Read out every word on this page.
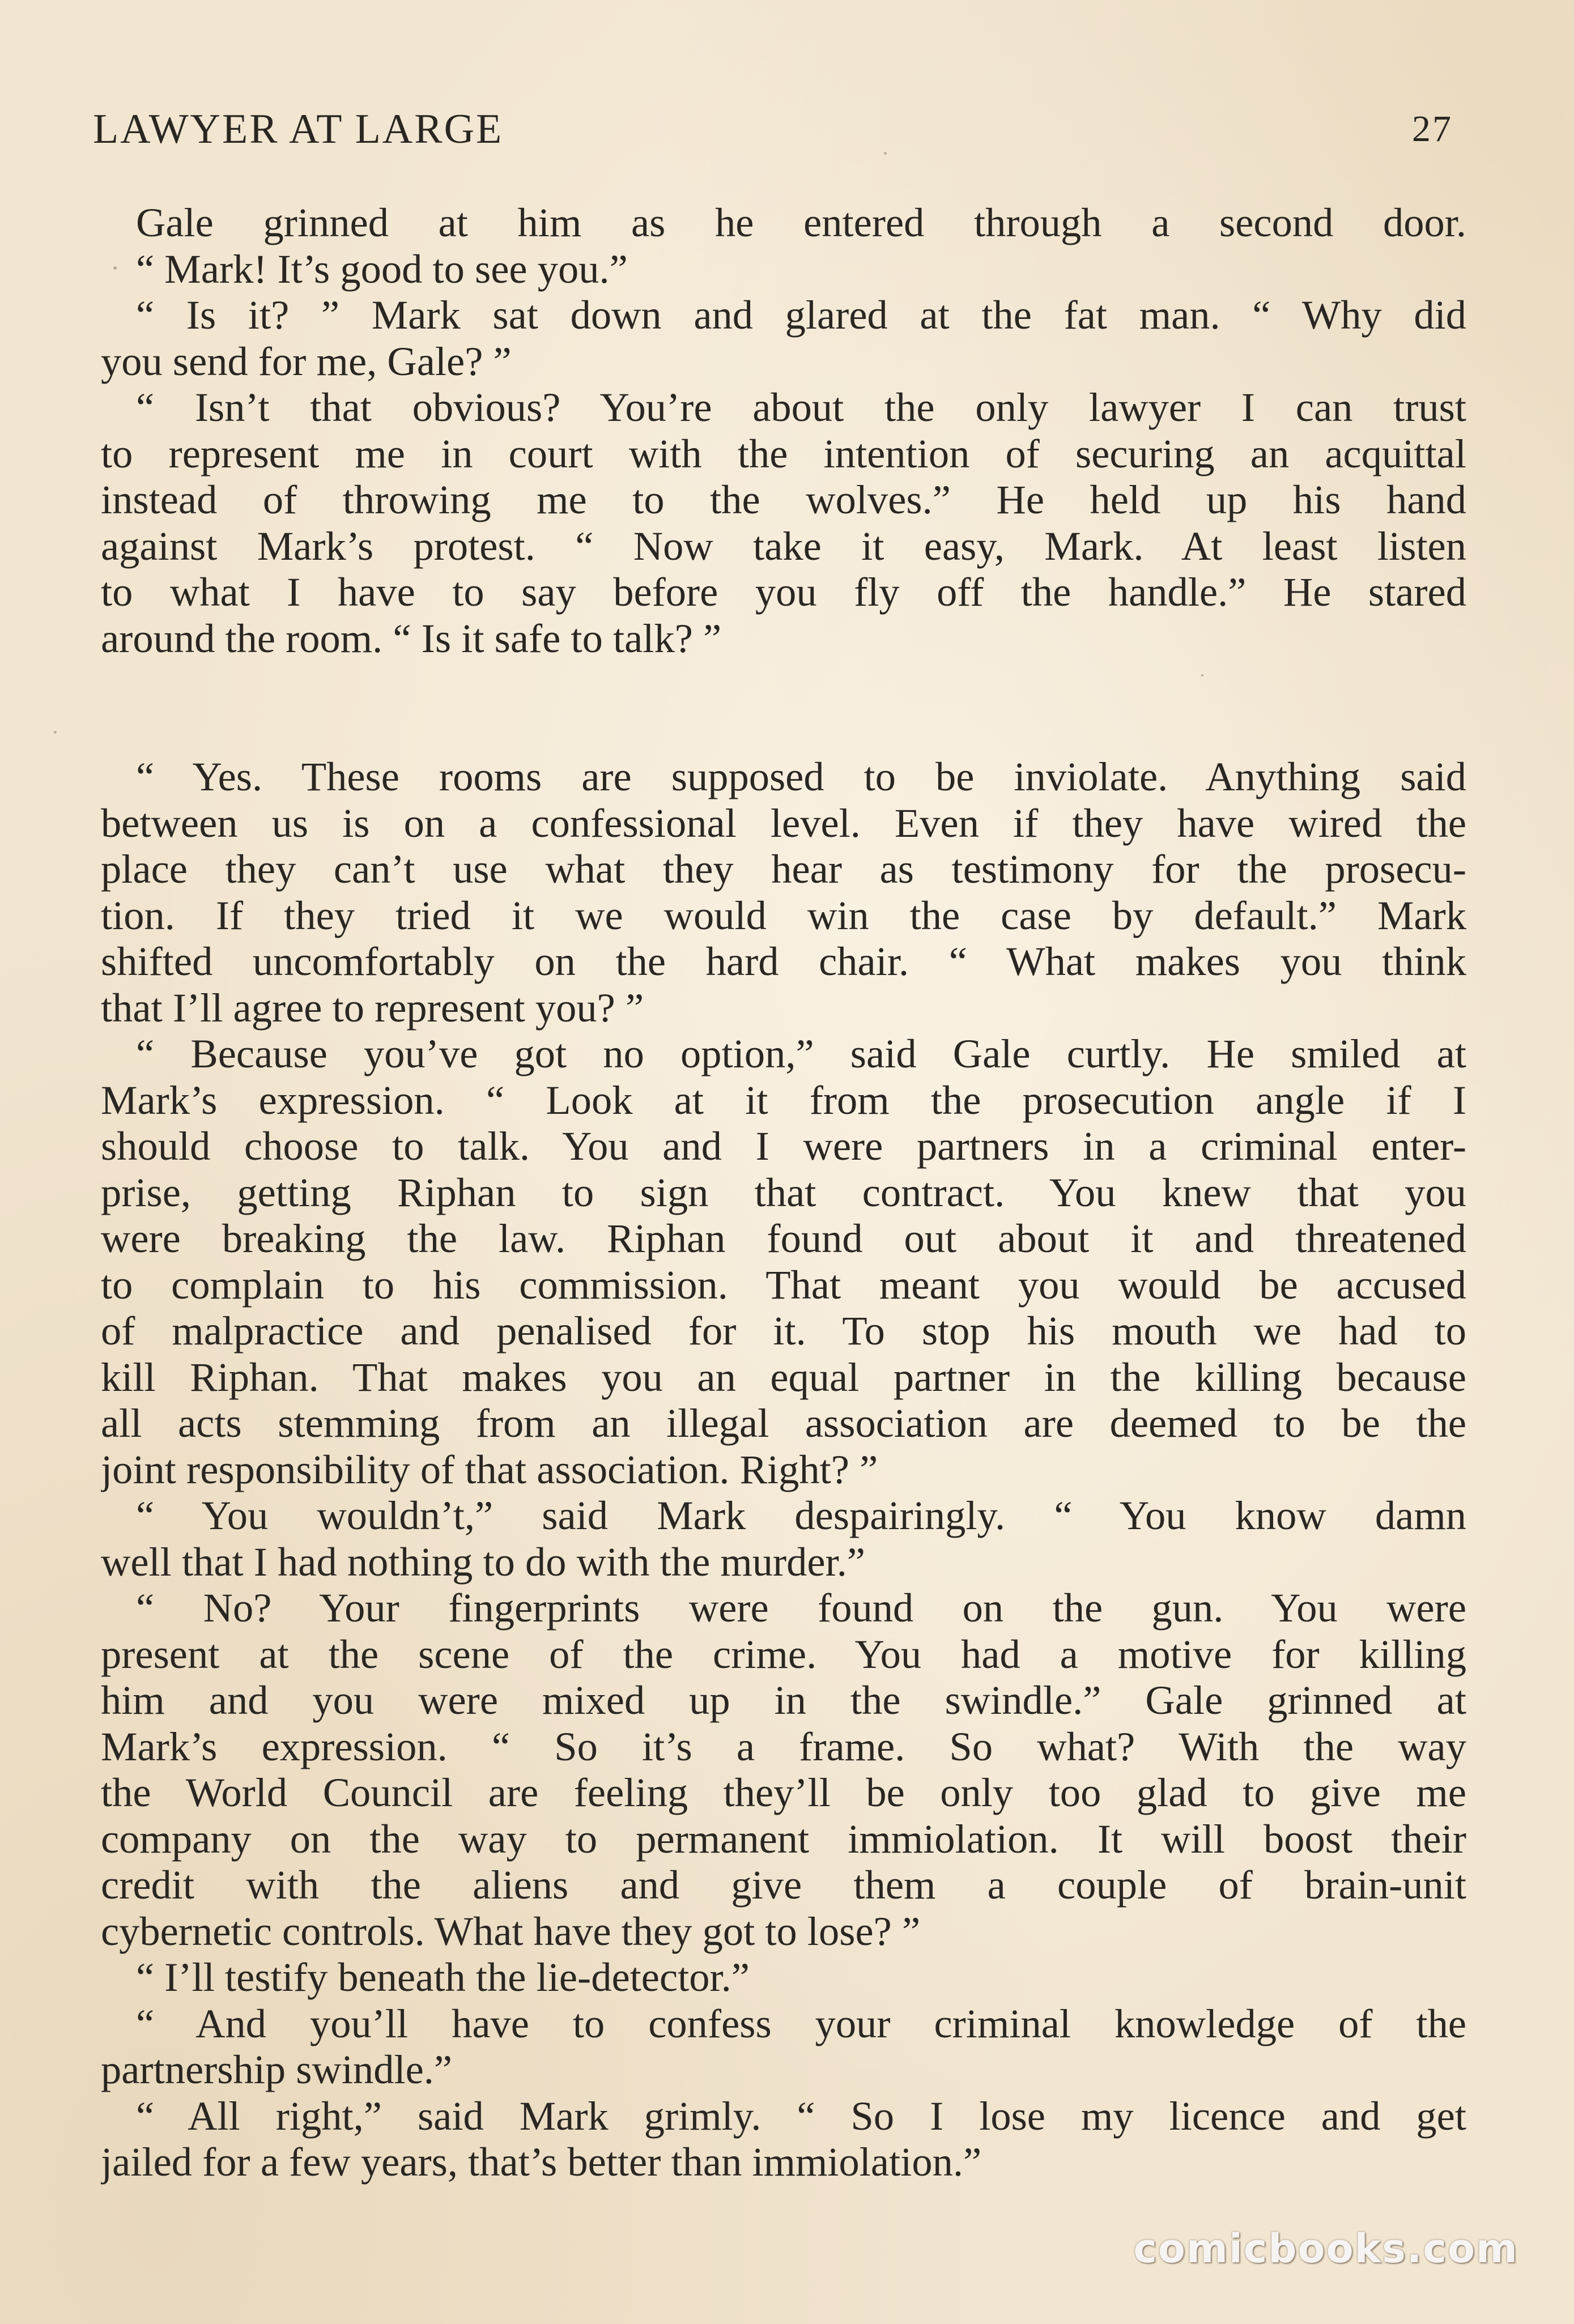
LAWYER AT LARGE	27
Gale grinned at him as he entered through a second door.
“ Mark! It’s good to see you.”
“ Is it? ” Mark sat down and glared at the fat man. “ Why did
you send for me, Gale? ”
“ Isn’t that obvious? You’re about the only lawyer I can trust
to represent me in court with the intention of securing an acquittal
instead of throwing me to the wolves.” He held up his hand
against Mark’s protest. “ Now take it easy, Mark. At least listen
to what I have to say before you fly off the handle.” He stared
around the room. “ Is it safe to talk? ”
“ Yes. These rooms are supposed to be inviolate. Anything said
between us is on a confessional level. Even if they have wired the
place they can’t use what they hear as testimony for the prosecu-
tion. If they tried it we would win the case by default.” Mark
shifted uncomfortably on the hard chair. “ What makes you think
that I’ll agree to represent you? ”
“ Because you’ve got no option,” said Gale curtly. He smiled at
Mark’s expression. “ Look at it from the prosecution angle if I
should choose to talk. You and I were partners in a criminal enter-
prise, getting Riphan to sign that contract. You knew that you
were breaking the law. Riphan found out about it and threatened
to complain to his commission. That meant you would be accused
of malpractice and penalised for it. To stop his mouth we had to
kill Riphan. That makes you an equal partner in the killing because
all acts stemming from an illegal association are deemed to be the
joint responsibility of that association. Right? ”
“ You wouldn’t,” said Mark despairingly. “ You know damn
well that I had nothing to do with the murder.”
“ No? Your fingerprints were found on the gun. You were
present at the scene of the crime. You had a motive for killing
him and you were mixed up in the swindle.” Gale grinned at
Mark’s expression. “ So it’s a frame. So what? With the way
the World Council are feeling they’ll be only too glad to give me
company on the way to permanent immiolation. It will boost their
credit with the aliens and give them a couple of brain-unit
cybernetic controls. What have they got to lose? ”
“ I’ll testify beneath the lie-detector.”
“ And you’ll have to confess your criminal knowledge of the
partnership swindle.”
“ All right,” said Mark grimly. “ So I lose my licence and get
jailed for a few years, that’s better than immiolation.”
comicbooks.com
